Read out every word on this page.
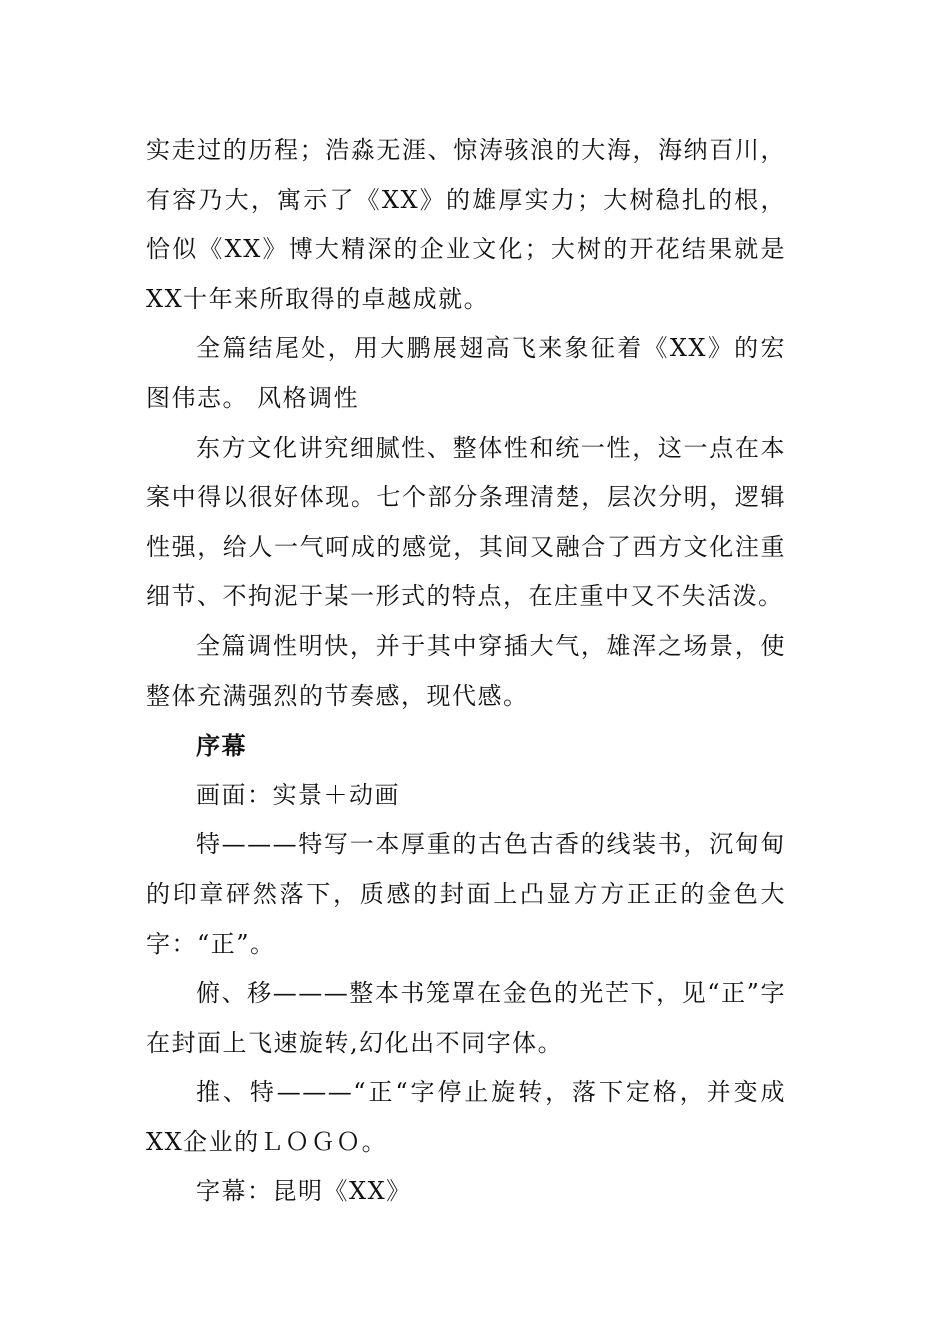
实走过的历程；浩淼无涯、惊涛骇浪的大海，海纳百川，有容乃大，寓示了《XX》的雄厚实力；大树稳扎的根，恰似《XX》博大精深的企业文化；大树的开花结果就是XX十年来所取得的卓越成就。

全篇结尾处，用大鹏展翅高飞来象征着《XX》的宏图伟志。 风格调性

东方文化讲究细腻性、整体性和统一性，这一点在本案中得以很好体现。七个部分条理清楚，层次分明，逻辑性强，给人一气呵成的感觉，其间又融合了西方文化注重细节、不拘泥于某一形式的特点，在庄重中又不失活泼。

全篇调性明快，并于其中穿插大气，雄浑之场景，使整体充满强烈的节奏感，现代感。

序幕

画面：实景＋动画

特———特写一本厚重的古色古香的线装书，沉甸甸的印章砰然落下，质感的封面上凸显方方正正的金色大字：“正”。

俯、移———整本书笼罩在金色的光芒下，见“正”字在封面上飞速旋转,幻化出不同字体。

推、特———“正“字停止旋转，落下定格，并变成XX企业的ＬＯＧＯ。

字幕：昆明《XX》
